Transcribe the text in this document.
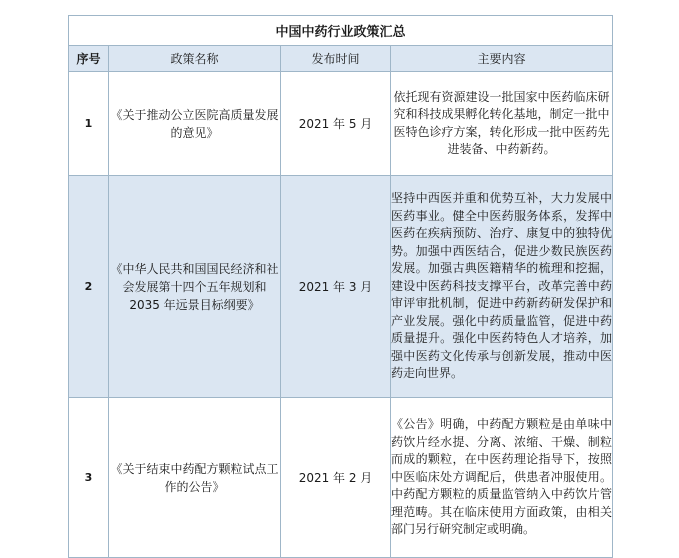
中国中药行业政策汇总			
序号	政策名称	发布时间	主要内容
1	《关于推动公立医院高质量发展的意见》	2021 年 5 月	依托现有资源建设一批国家中医药临床研究和科技成果孵化转化基地，制定一批中医特色诊疗方案，转化形成一批中医药先进装备、中药新药。
2	《中华人民共和国国民经济和社会发展第十四个五年规划和 2035 年远景目标纲要》	2021 年 3 月	坚持中西医并重和优势互补，大力发展中医药事业。健全中医药服务体系，发挥中医药在疾病预防、治疗、康复中的独特优势。加强中西医结合，促进少数民族医药发展。加强古典医籍精华的梳理和挖掘，建设中医药科技支撑平台，改革完善中药审评审批机制，促进中药新药研发保护和产业发展。强化中药质量监管，促进中药质量提升。强化中医药特色人才培养，加强中医药文化传承与创新发展，推动中医药走向世界。
3	《关于结束中药配方颗粒试点工作的公告》	2021 年 2 月	《公告》明确，中药配方颗粒是由单味中药饮片经水提、分离、浓缩、干燥、制粒而成的颗粒，在中医药理论指导下，按照中医临床处方调配后，供患者冲服使用。中药配方颗粒的质量监管纳入中药饮片管理范畴。其在临床使用方面政策，由相关部门另行研究制定或明确。
